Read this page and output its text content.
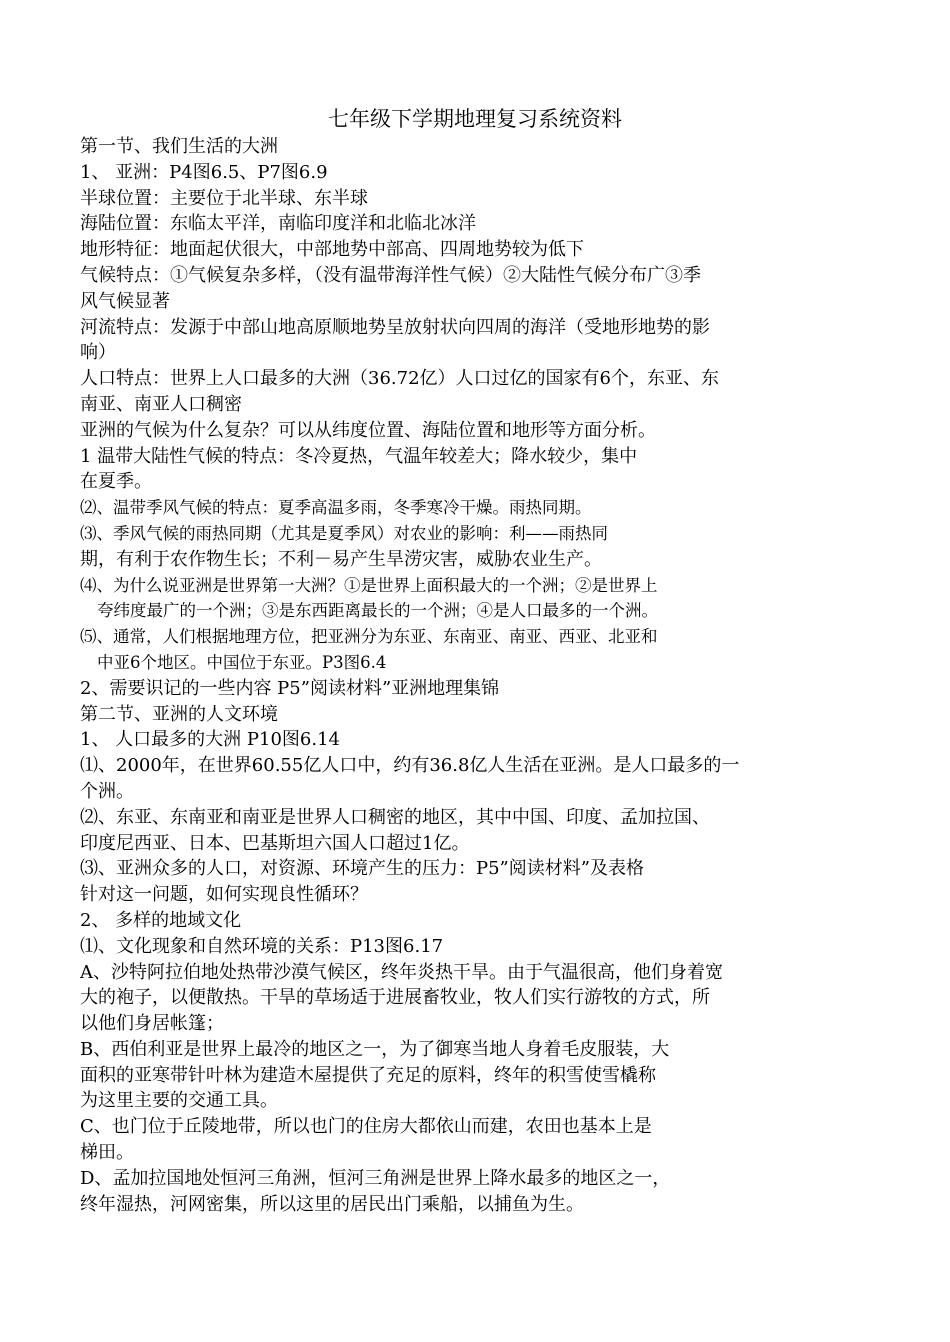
七年级下学期地理复习系统资料
第一节、我们生活的大洲
1、 亚洲：P4图6.5、P7图6.9
半球位置：主要位于北半球、东半球
海陆位置：东临太平洋，南临印度洋和北临北冰洋
地形特征：地面起伏很大，中部地势中部高、四周地势较为低下
气候特点：①气候复杂多样，（没有温带海洋性气候）②大陆性气候分布广③季
风气候显著
河流特点：发源于中部山地高原顺地势呈放射状向四周的海洋（受地形地势的影
响）
人口特点：世界上人口最多的大洲（36.72亿）人口过亿的国家有6个，东亚、东
南亚、南亚人口稠密
亚洲的气候为什么复杂？可以从纬度位置、海陆位置和地形等方面分析。
1 温带大陆性气候的特点：冬冷夏热，气温年较差大；降水较少，集中
在夏季。
⑵、温带季风气候的特点：夏季高温多雨，冬季寒冷干燥。雨热同期。
⑶、季风气候的雨热同期（尤其是夏季风）对农业的影响：利——雨热同
期，有利于农作物生长；不利－易产生旱涝灾害，威胁农业生产。
⑷、为什么说亚洲是世界第一大洲？①是世界上面积最大的一个洲；②是世界上
夸纬度最广的一个洲；③是东西距离最长的一个洲；④是人口最多的一个洲。
⑸、通常，人们根据地理方位，把亚洲分为东亚、东南亚、南亚、西亚、北亚和
中亚6个地区。中国位于东亚。P3图6.4
2、需要识记的一些内容 P5”阅读材料”亚洲地理集锦
第二节、亚洲的人文环境
1、 人口最多的大洲 P10图6.14
⑴、2000年，在世界60.55亿人口中，约有36.8亿人生活在亚洲。是人口最多的一
个洲。
⑵、东亚、东南亚和南亚是世界人口稠密的地区，其中中国、印度、孟加拉国、
印度尼西亚、日本、巴基斯坦六国人口超过1亿。
⑶、亚洲众多的人口，对资源、环境产生的压力：P5”阅读材料”及表格
针对这一问题，如何实现良性循环？
2、 多样的地域文化
⑴、文化现象和自然环境的关系：P13图6.17
A、沙特阿拉伯地处热带沙漠气候区，终年炎热干旱。由于气温很高，他们身着宽
大的袍子，以便散热。干旱的草场适于进展畜牧业，牧人们实行游牧的方式，所
以他们身居帐篷；
B、西伯利亚是世界上最冷的地区之一，为了御寒当地人身着毛皮服装，大
面积的亚寒带针叶林为建造木屋提供了充足的原料，终年的积雪使雪橇称
为这里主要的交通工具。
C、也门位于丘陵地带，所以也门的住房大都依山而建，农田也基本上是
梯田。
D、孟加拉国地处恒河三角洲，恒河三角洲是世界上降水最多的地区之一，
终年湿热，河网密集，所以这里的居民出门乘船，以捕鱼为生。
